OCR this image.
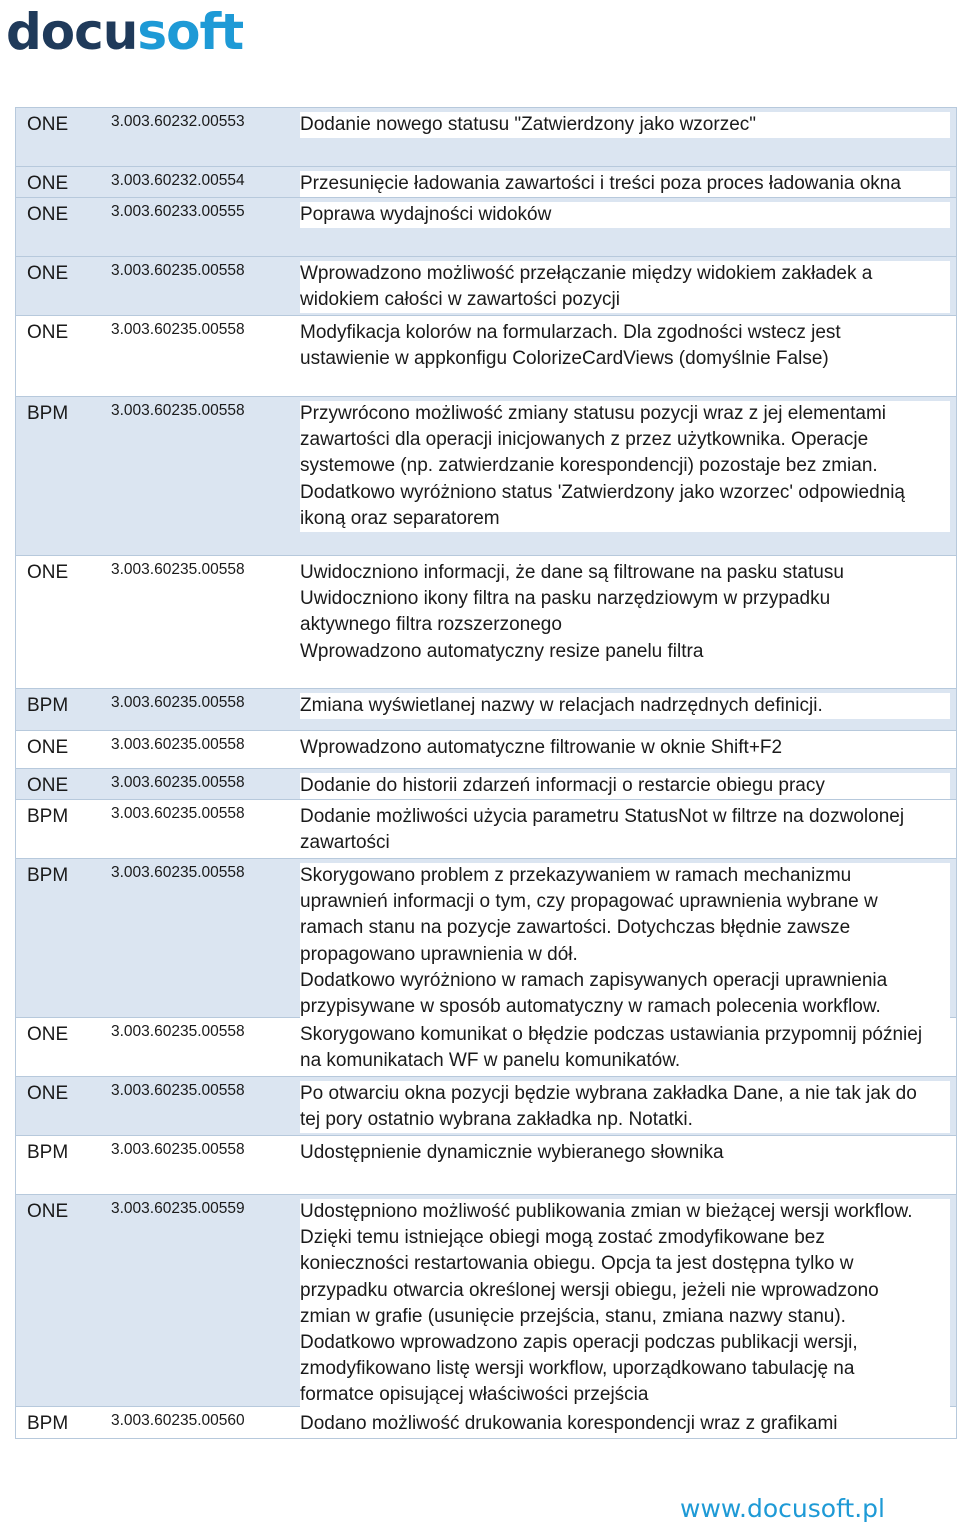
docusoft
ONE	3.003.60232.00553	Dodanie nowego statusu "Zatwierdzony jako wzorzec"
ONE	3.003.60232.00554	Przesunięcie ładowania zawartości i treści poza proces ładowania okna
ONE	3.003.60233.00555	Poprawa wydajności widoków
ONE	3.003.60235.00558	Wprowadzono możliwość przełączanie między widokiem zakładek a
widokiem całości w zawartości pozycji
ONE	3.003.60235.00558	Modyfikacja kolorów na formularzach. Dla zgodności wstecz jest
ustawienie w appkonfigu ColorizeCardViews (domyślnie False)
BPM	3.003.60235.00558	Przywrócono możliwość zmiany statusu pozycji wraz z jej elementami
zawartości dla operacji inicjowanych z przez użytkownika. Operacje
systemowe (np. zatwierdzanie korespondencji) pozostaje bez zmian.
Dodatkowo wyróżniono status 'Zatwierdzony jako wzorzec' odpowiednią
ikoną oraz separatorem
ONE	3.003.60235.00558	Uwidoczniono informacji, że dane są filtrowane na pasku statusu
Uwidoczniono ikony filtra na pasku narzędziowym w przypadku
aktywnego filtra rozszerzonego
Wprowadzono automatyczny resize panelu filtra
BPM	3.003.60235.00558	Zmiana wyświetlanej nazwy w relacjach nadrzędnych definicji.
ONE	3.003.60235.00558	Wprowadzono automatyczne filtrowanie w oknie Shift+F2
ONE	3.003.60235.00558	Dodanie do historii zdarzeń informacji o restarcie obiegu pracy
BPM	3.003.60235.00558	Dodanie możliwości użycia parametru StatusNot w filtrze na dozwolonej
zawartości
BPM	3.003.60235.00558	Skorygowano problem z przekazywaniem w ramach mechanizmu
uprawnień informacji o tym, czy propagować uprawnienia wybrane w
ramach stanu na pozycje zawartości. Dotychczas błędnie zawsze
propagowano uprawnienia w dół.
Dodatkowo wyróżniono w ramach zapisywanych operacji uprawnienia
przypisywane w sposób automatyczny w ramach polecenia workflow.
ONE	3.003.60235.00558	Skorygowano komunikat o błędzie podczas ustawiania przypomnij później
na komunikatach WF w panelu komunikatów.
ONE	3.003.60235.00558	Po otwarciu okna pozycji będzie wybrana zakładka Dane, a nie tak jak do
tej pory ostatnio wybrana zakładka np. Notatki.
BPM	3.003.60235.00558	Udostępnienie dynamicznie wybieranego słownika
ONE	3.003.60235.00559	Udostępniono możliwość publikowania zmian w bieżącej wersji workflow.
Dzięki temu istniejące obiegi mogą zostać zmodyfikowane bez
konieczności restartowania obiegu. Opcja ta jest dostępna tylko w
przypadku otwarcia określonej wersji obiegu, jeżeli nie wprowadzono
zmian w grafie (usunięcie przejścia, stanu, zmiana nazwy stanu).
Dodatkowo wprowadzono zapis operacji podczas publikacji wersji,
zmodyfikowano listę wersji workflow, uporządkowano tabulację na
formatce opisującej właściwości przejścia
BPM	3.003.60235.00560	Dodano możliwość drukowania korespondencji wraz z grafikami
www.docusoft.pl
